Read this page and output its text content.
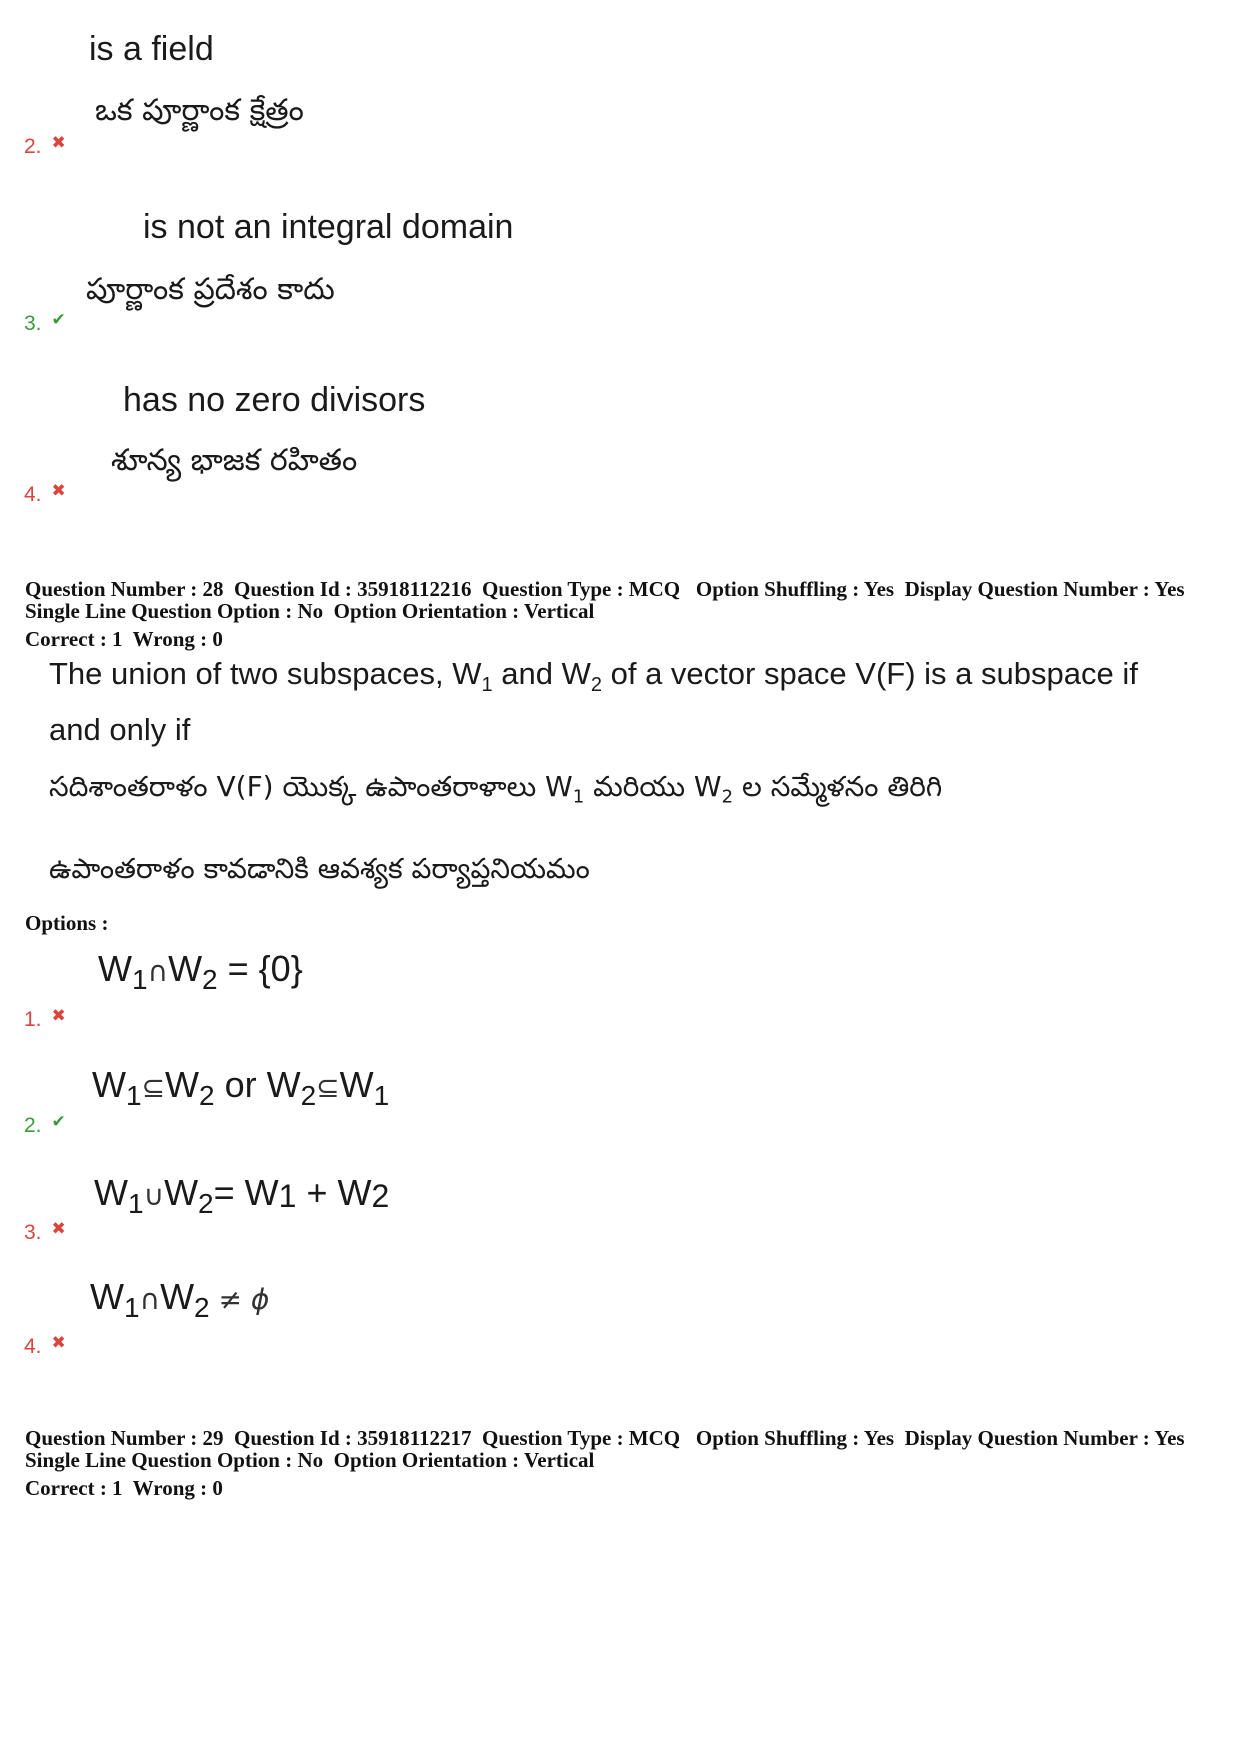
is a field
ఒక పూర్ణాంక క్షేత్రం
2. ✖
is not an integral domain
పూర్ణాంక ప్రదేశం కాదు
3. ✔
has no zero divisors
శూన్య భాజక రహితం
4. ✖
Question Number : 28  Question Id : 35918112216  Question Type : MCQ   Option Shuffling : Yes  Display Question Number : Yes
Single Line Question Option : No  Option Orientation : Vertical
Correct : 1  Wrong : 0
The union of two subspaces, $W_1$ and $W_2$ of a vector space V(F) is a subspace if
and only if
సదిశాంతరాళం V(F) యొక్క ఉపాంతరాళాలు $W_1$ మరియు $W_2$ ల సమ్మేళనం తిరిగి
ఉపాంతరాళం కావడానికి ఆవశ్యక పర్యాప్తనియమం
Options :
$W_1\cap W_2 = \{0\}$
1. ✖
$W_1⊆W_2$ or $W_2⊆W_1$
2. ✔
$W_1\cup W_2= W_1 + W_2$
3. ✖
$W_1\cap W_2 \ne \phi$
4. ✖
Question Number : 29  Question Id : 35918112217  Question Type : MCQ   Option Shuffling : Yes  Display Question Number : Yes
Single Line Question Option : No  Option Orientation : Vertical
Correct : 1  Wrong : 0
